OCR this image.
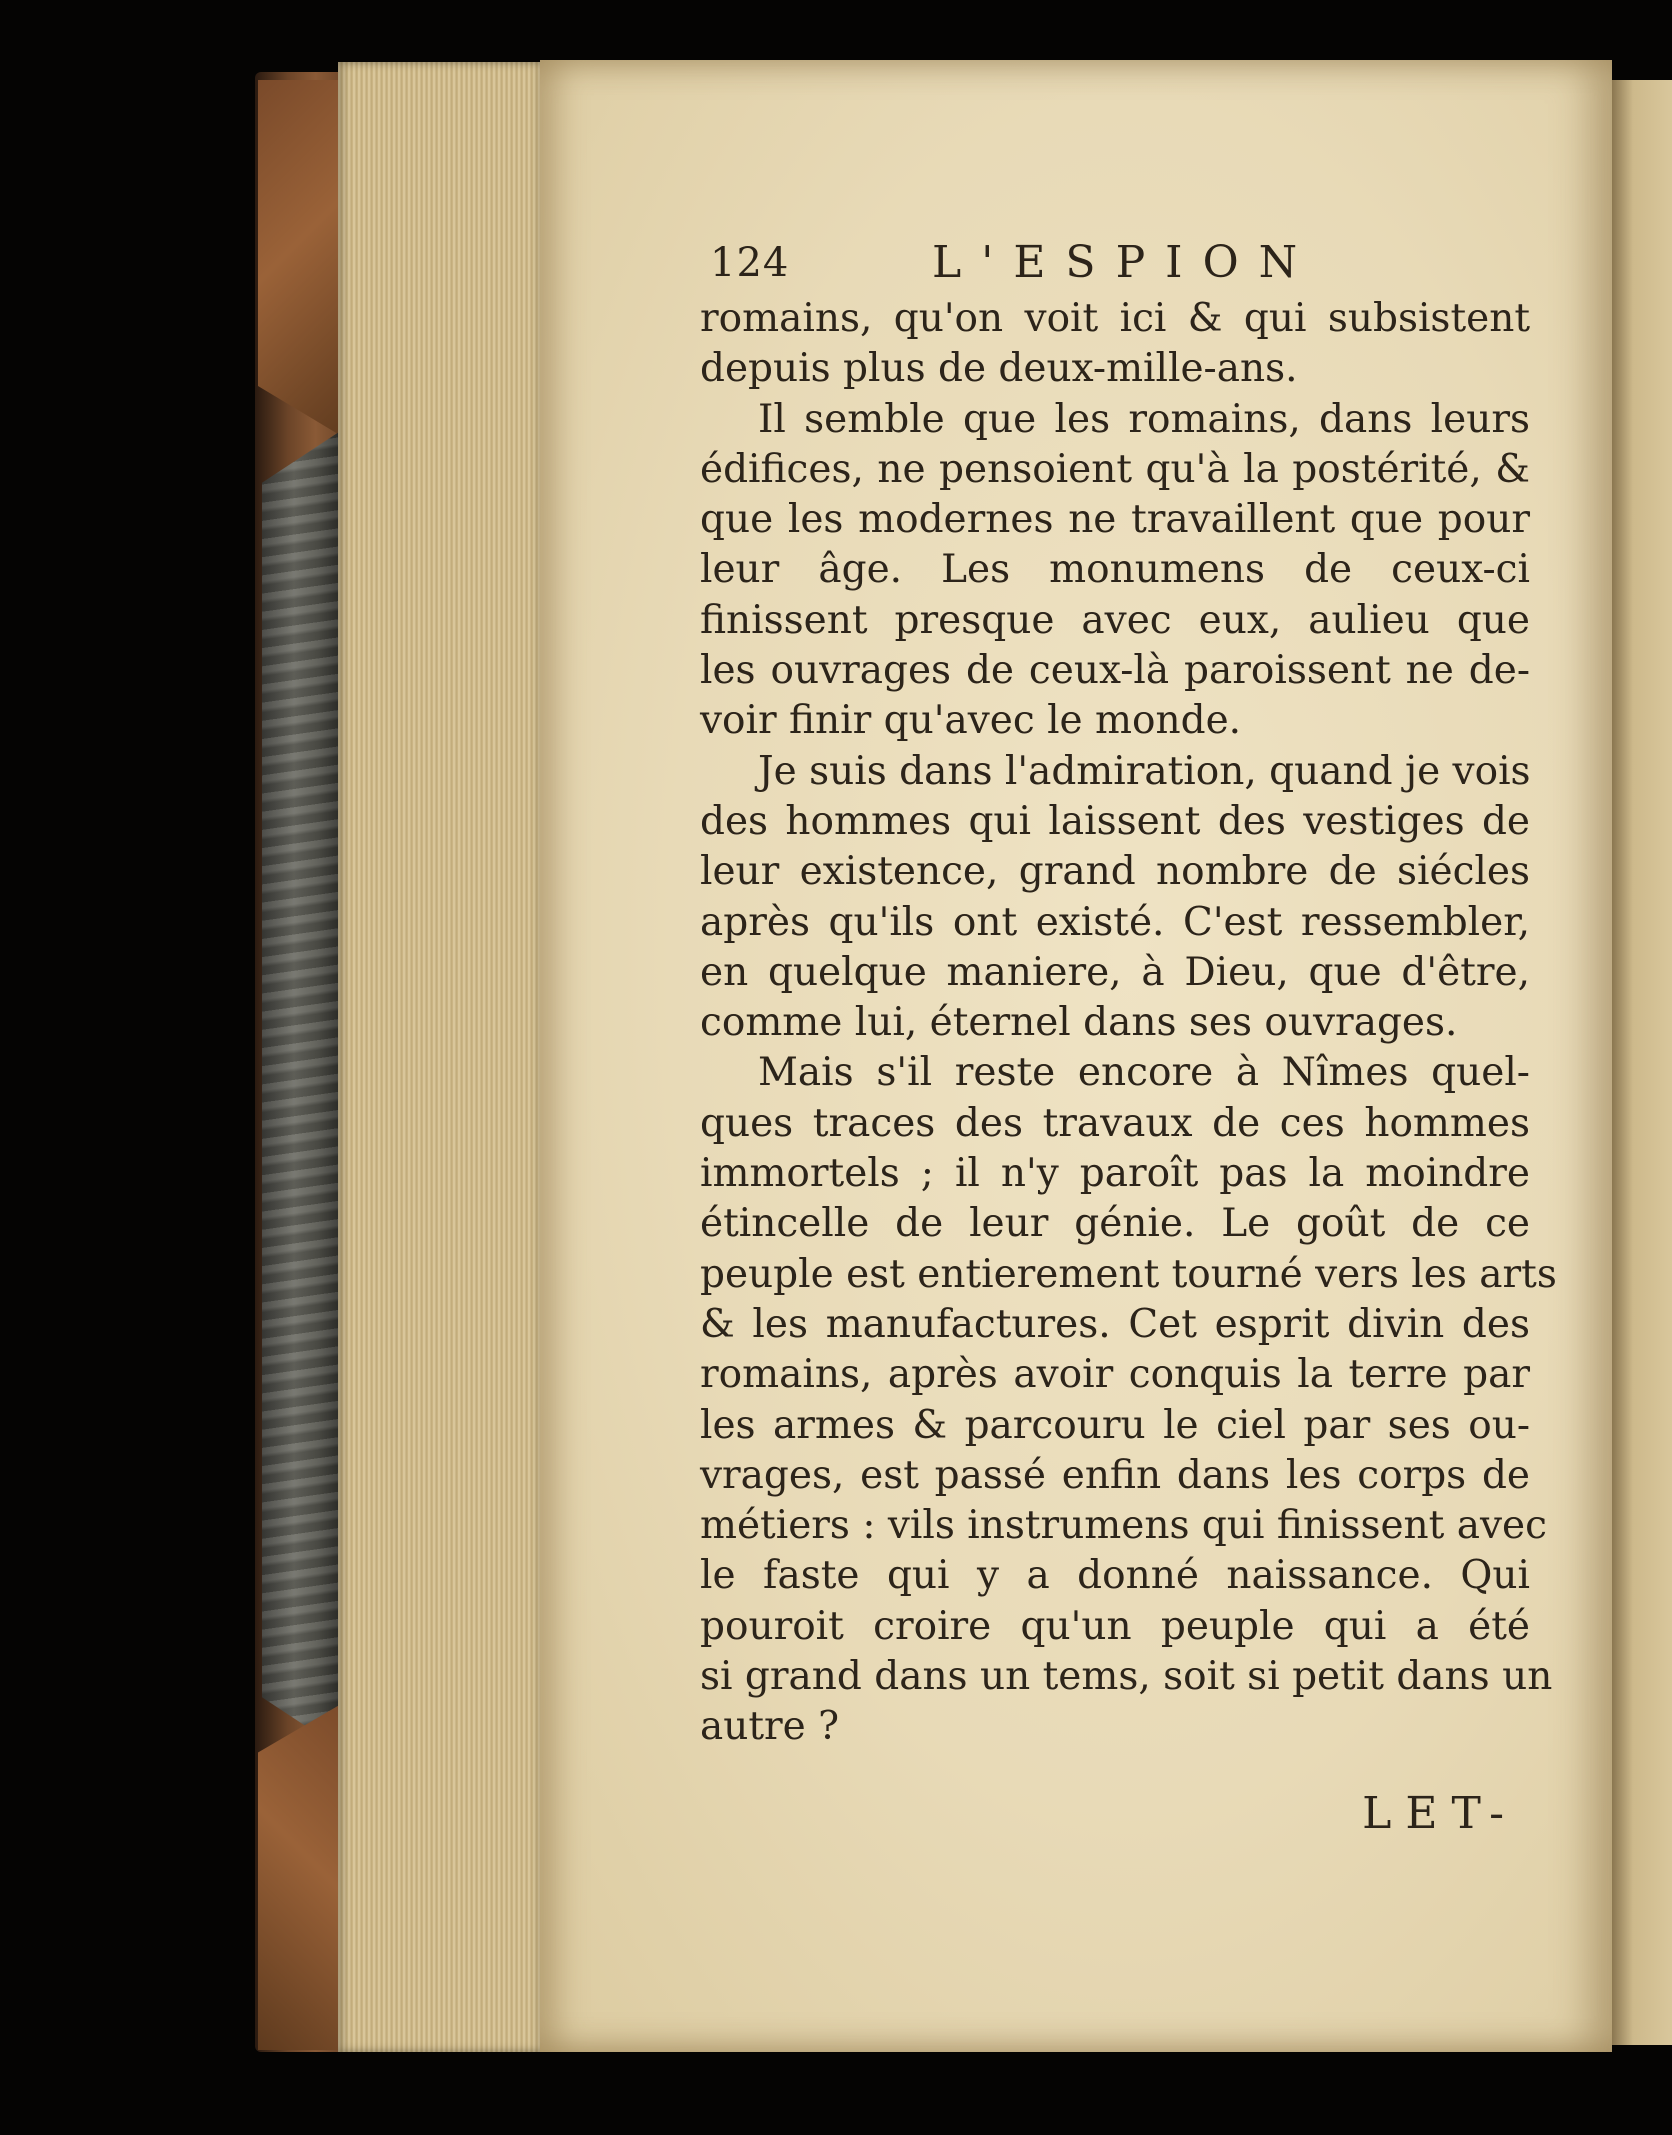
124	L'ESPION
romains, qu'on voit ici & qui subsistent
depuis plus de deux-mille-ans.
Il semble que les romains, dans leurs
édifices, ne pensoient qu'à la postérité, &
que les modernes ne travaillent que pour
leur âge. Les monumens de ceux-ci
finissent presque avec eux, aulieu que
les ouvrages de ceux-là paroissent ne de-
voir finir qu'avec le monde.
Je suis dans l'admiration, quand je vois
des hommes qui laissent des vestiges de
leur existence, grand nombre de siécles
après qu'ils ont existé. C'est ressembler,
en quelque maniere, à Dieu, que d'être,
comme lui, éternel dans ses ouvrages.
Mais s'il reste encore à Nîmes quel-
ques traces des travaux de ces hommes
immortels ; il n'y paroît pas la moindre
étincelle de leur génie. Le goût de ce
peuple est entierement tourné vers les arts
& les manufactures. Cet esprit divin des
romains, après avoir conquis la terre par
les armes & parcouru le ciel par ses ou-
vrages, est passé enfin dans les corps de
métiers : vils instrumens qui finissent avec
le faste qui y a donné naissance. Qui
pouroit croire qu'un peuple qui a été
si grand dans un tems, soit si petit dans un
autre ?
LET-
